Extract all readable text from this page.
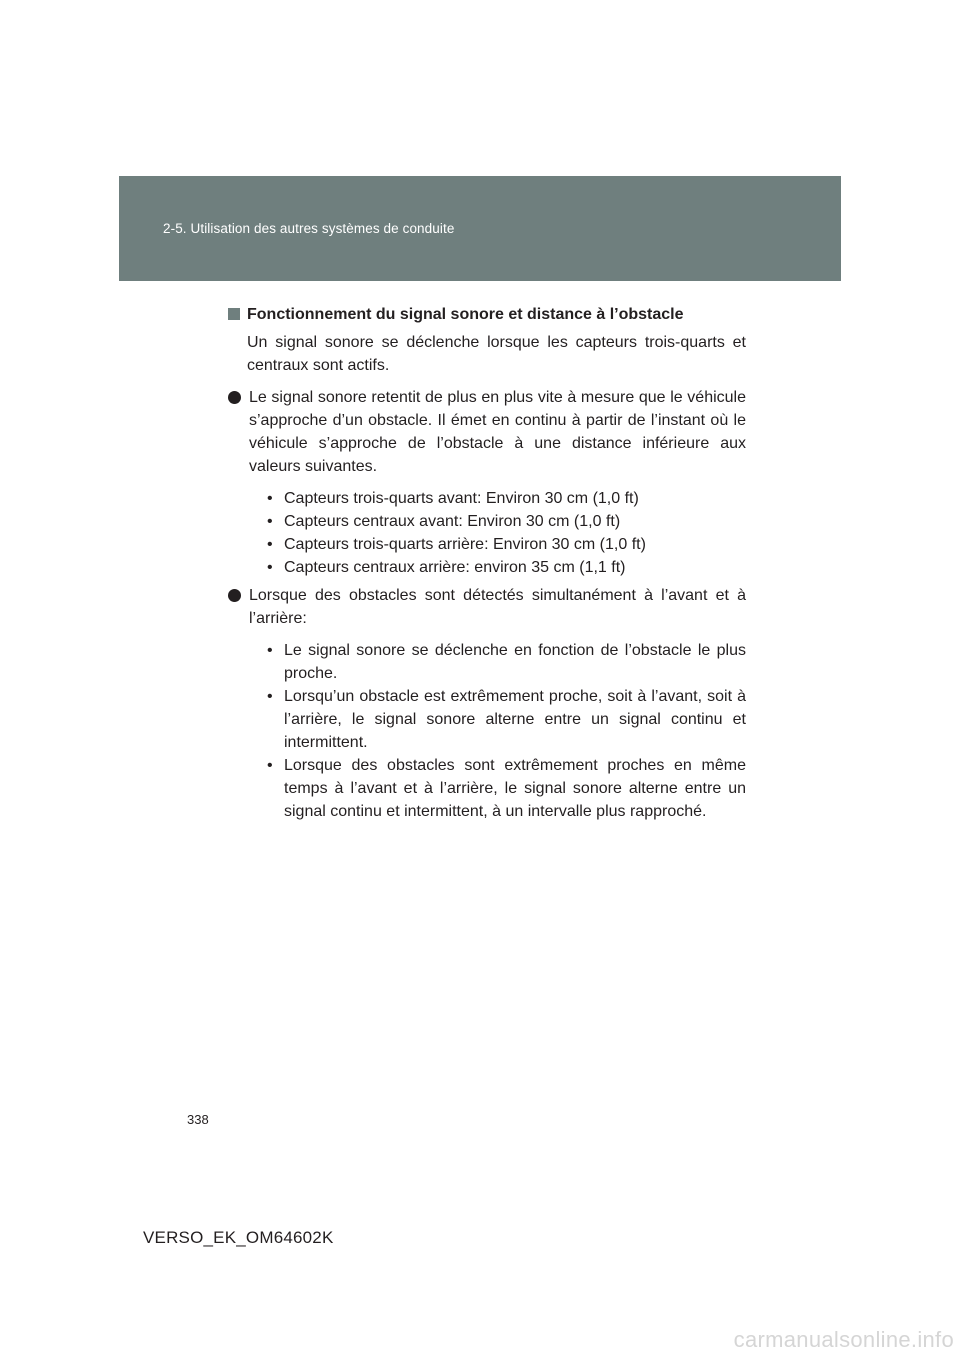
2-5. Utilisation des autres systèmes de conduite
Fonctionnement du signal sonore et distance à l’obstacle

Un signal sonore se déclenche lorsque les capteurs trois-quarts et centraux sont actifs.

Le signal sonore retentit de plus en plus vite à mesure que le véhicule s’approche d’un obstacle. Il émet en continu à partir de l’instant où le véhicule s’approche de l’obstacle à une distance inférieure aux valeurs suivantes.
• Capteurs trois-quarts avant: Environ 30 cm (1,0 ft)
• Capteurs centraux avant: Environ 30 cm (1,0 ft)
• Capteurs trois-quarts arrière: Environ 30 cm (1,0 ft)
• Capteurs centraux arrière: environ 35 cm (1,1 ft)
Lorsque des obstacles sont détectés simultanément à l’avant et à l’arrière:
• Le signal sonore se déclenche en fonction de l’obstacle le plus proche.
• Lorsqu’un obstacle est extrêmement proche, soit à l’avant, soit à l’arrière, le signal sonore alterne entre un signal continu et intermittent.
• Lorsque des obstacles sont extrêmement proches en même temps à l’avant et à l’arrière, le signal sonore alterne entre un signal continu et intermittent, à un intervalle plus rapproché.
338
VERSO_EK_OM64602K
carmanualsonline.info
